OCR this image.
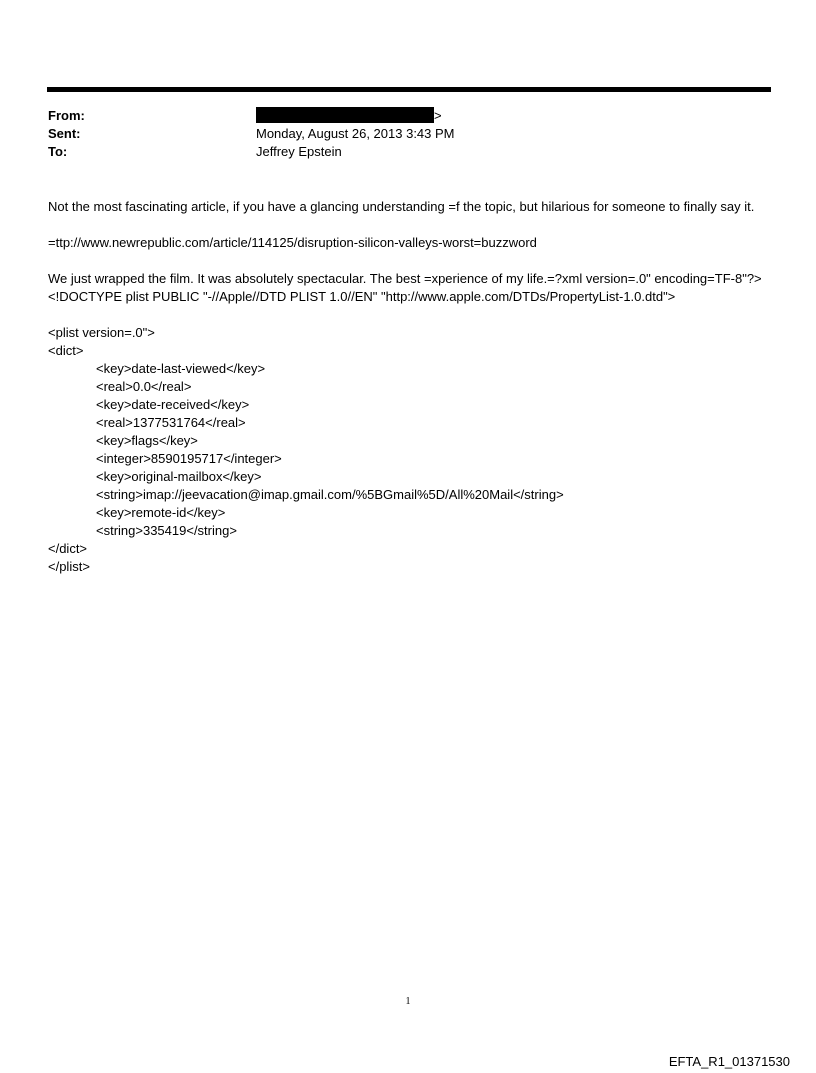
From:	>
Sent:	Monday, August 26, 2013 3:43 PM
To:	Jeffrey Epstein

Not the most fascinating article, if you have a glancing understanding =f the topic, but hilarious for someone to finally say it.

=ttp://www.newrepublic.com/article/114125/disruption-silicon-valleys-worst=buzzword

We just wrapped the film. It was absolutely spectacular. The best =xperience of my life.=?xml version=.0" encoding=TF-8"?> <!DOCTYPE plist PUBLIC "-//Apple//DTD PLIST 1.0//EN" "http://www.apple.com/DTDs/PropertyList-1.0.dtd">

<plist version=.0">
<dict>
<key>date-last-viewed</key>
<real>0.0</real>
<key>date-received</key>
<real>1377531764</real>
<key>flags</key>
<integer>8590195717</integer>
<key>original-mailbox</key>
<string>imap://jeevacation@imap.gmail.com/%5BGmail%5D/All%20Mail</string>
<key>remote-id</key>
<string>335419</string>
</dict>
</plist>
1
EFTA_R1_01371530
